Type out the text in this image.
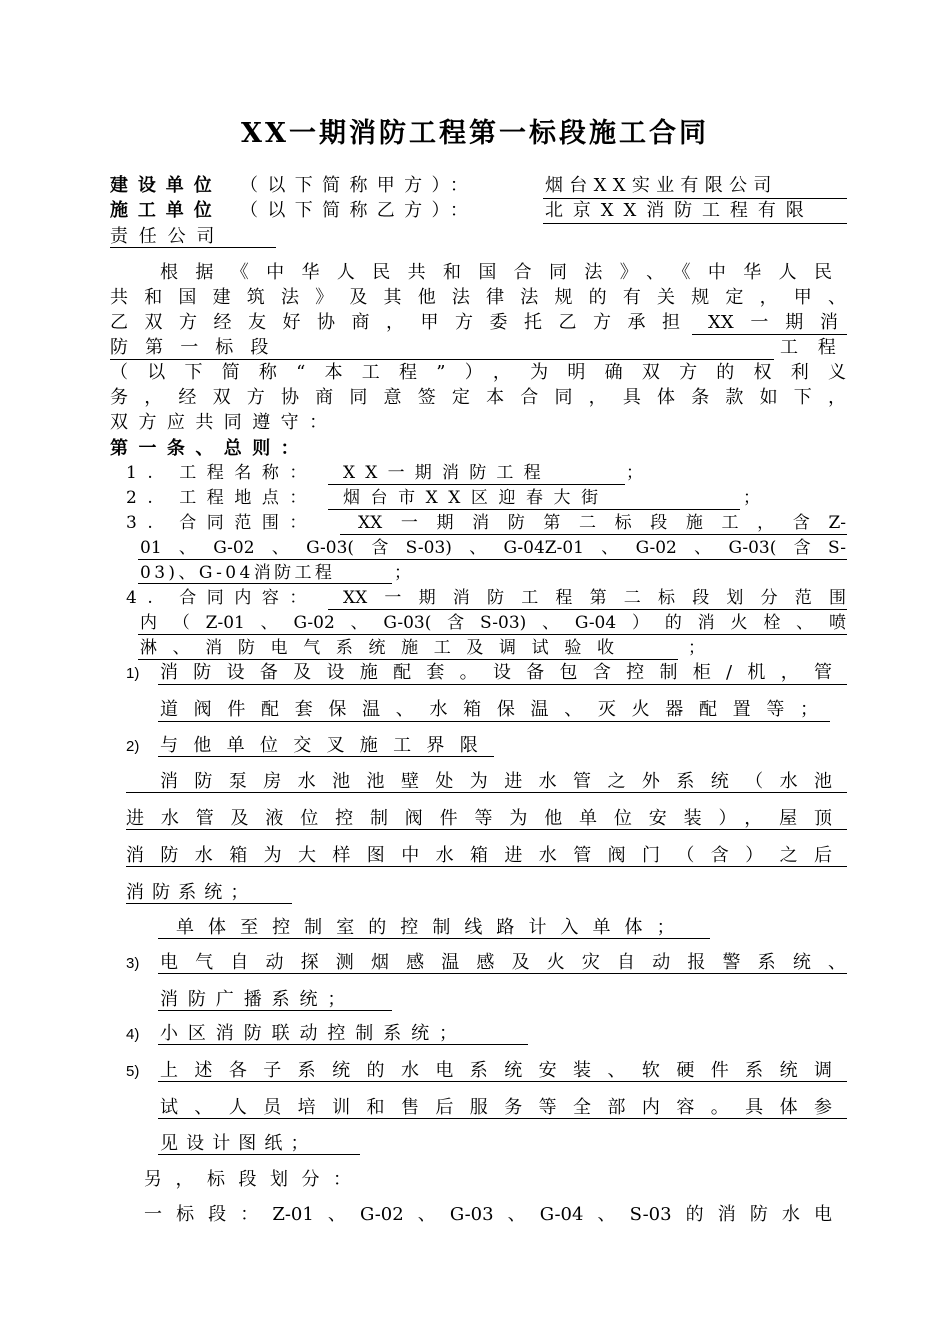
XX一期消防工程第一标段施工合同
建设单位 （以下简称甲方）：	烟台XX实业有限公司
施工单位 （以下简称乙方）：	北京XX消防工程有限
责任公司
根据《中华人民共和国合同法》、《中华人民
共和国建筑法》及其他法律法规的有关规定，甲、
乙双方经友好协商，甲方委托乙方承担 XX一期消
防第一标段	工程
（以下简称“本工程”），为明确双方的权利义
务，经双方协商同意签定本合同，具体条款如下，
双方应共同遵守：
第一条、总则：
1. 工程名称： XX一期消防工程	；
2. 工程地点： 烟台市XX区迎春大街	；
3. 合同范围： XX一期消防第二标段施工，含Z-
01、G-02、G-03(含S-03)、G-04Z-01、G-02、G-03(含S-
03)、G-04消防工程	；
4. 合同内容： XX一期消防工程第二标段划分范围
内（Z-01、G-02、G-03(含S-03)、G-04）的消火栓、喷
淋、消防电气系统施工及调试验收	；
1) 消防设备及设施配套。设备包含控制柜/机，管
道阀件配套保温、水箱保温、灭火器配置等；
2) 与他单位交叉施工界限
消防泵房水池池壁处为进水管之外系统（水池
进水管及液位控制阀件等为他单位安装），屋顶
消防水箱为大样图中水箱进水管阀门（含）之后
消防系统；
单体至控制室的控制线路计入单体；
3) 电气自动探测烟感温感及火灾自动报警系统、
消防广播系统；
4) 小区消防联动控制系统；
5) 上述各子系统的水电系统安装、软硬件系统调
试、人员培训和售后服务等全部内容。具体参
见设计图纸；
另，标段划分：
一标段：Z-01、G-02、G-03、G-04、S-03的消防水电
